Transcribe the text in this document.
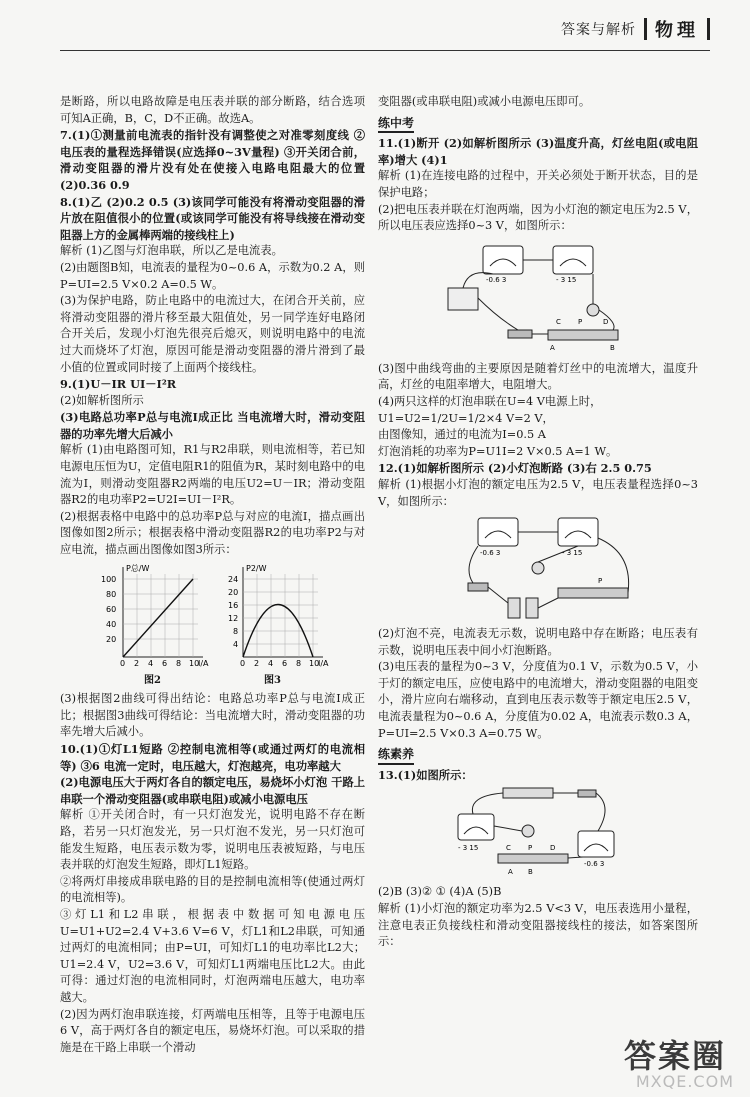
答案与解析 物理

是断路，所以电路故障是电压表并联的部分断路，结合选项可知A正确，B，C，D不正确。故选A。

7.(1)①测量前电流表的指针没有调整使之对准零刻度线 ②电压表的量程选择错误(应选择0~3V量程) ③开关闭合前，滑动变阻器的滑片没有处在使接入电路电阻最大的位置 (2)0.36 0.9

8.(1)乙 (2)0.2 0.5 (3)该同学可能没有将滑动变阻器的滑片放在阻值很小的位置(或该同学可能没有将导线接在滑动变阻器上方的金属棒两端的接线柱上)

解析 (1)乙图与灯泡串联，所以乙是电流表。

(2)由题图B知，电流表的量程为0~0.6 A，示数为0.2 A，则P=UI=2.5 V×0.2 A=0.5 W。

(3)为保护电路，防止电路中的电流过大，在闭合开关前，应将滑动变阻器的滑片移至最大阻值处，另一同学连好电路闭合开关后，发现小灯泡先很亮后熄灭，则说明电路中的电流过大而烧坏了灯泡，原因可能是滑动变阻器的滑片滑到了最小值的位置或同时接了上面两个接线柱。

9.(1)U－IR UI－I²R

(2)如解析图所示

(3)电路总功率P总与电流I成正比 当电流增大时，滑动变阻器的功率先增大后减小

解析 (1)由电路图可知，R1与R2串联，则电流相等，若已知电源电压恒为U，定值电阻R1的阻值为R，某时刻电路中的电流为I，则滑动变阻器R2两端的电压U2=U－IR；滑动变阻器R2的电功率P2=U2I=UI－I²R。

(2)根据表格中电路中的总功率P总与对应的电流I，描点画出图像如图2所示；根据表格中滑动变阻器R2的电功率P2与对应电流，描点画出图像如图3所示：

P总/W
100
80
60
40
20
0 2 4 6 8 10
I/A
P2/W
24
20
16
12
8
4
0 2 4 6 8 10
I/A
图2	图3

(3)根据图2曲线可得出结论：电路总功率P总与电流I成正比；根据图3曲线可得结论：当电流增大时，滑动变阻器的功率先增大后减小。

10.(1)①灯L1短路 ②控制电流相等(或通过两灯的电流相等) ③6 电流一定时，电压越大，灯泡越亮，电功率越大

(2)电源电压大于两灯各自的额定电压，易烧坏小灯泡 干路上串联一个滑动变阻器(或串联电阻)或减小电源电压

解析 ①开关闭合时，有一只灯泡发光，说明电路不存在断路，若另一只灯泡发光，另一只灯泡不发光，另一只灯泡可能发生短路，电压表示数为零，说明电压表被短路，与电压表并联的灯泡发生短路，即灯L1短路。

②将两灯串接成串联电路的目的是控制电流相等(使通过两灯的电流相等)。

③灯L1和L2串联，根据表中数据可知电源电压U=U1+U2=2.4 V+3.6 V=6 V，灯L1和L2串联，可知通过两灯的电流相同；由P=UI，可知灯L1的电功率比L2大；U1=2.4 V，U2=3.6 V，可知灯L1两端电压比L2大。由此可得：通过灯泡的电流相同时，灯泡两端电压越大，电功率越大。

(2)因为两灯泡串联连接，灯两端电压相等，且等于电源电压6 V，高于两灯各自的额定电压，易烧坏灯泡。可以采取的措施是在干路上串联一个滑动

变阻器(或串联电阻)或减小电源电压即可。

练中考

11.(1)断开 (2)如解析图所示 (3)温度升高，灯丝电阻(或电阻率)增大 (4)1

解析 (1)在连接电路的过程中，开关必须处于断开状态，目的是保护电路；

(2)把电压表并联在灯泡两端，因为小灯泡的额定电压为2.5 V，所以电压表应选择0~3 V，如图所示：

-0.6 3	- 3 15
C P	D
A	B

(3)图中曲线弯曲的主要原因是随着灯丝中的电流增大，温度升高，灯丝的电阻率增大，电阻增大。

(4)两只这样的灯泡串联在U=4 V电源上时，

U1=U2=1/2U=1/2×4 V=2 V，

由图像知，通过的电流为I=0.5 A

灯泡消耗的功率为P=U1I=2 V×0.5 A=1 W。

12.(1)如解析图所示 (2)小灯泡断路 (3)右 2.5 0.75

解析 (1)根据小灯泡的额定电压为2.5 V，电压表量程选择0~3 V，如图所示：

-0.6 3	- 3 15
P

(2)灯泡不亮，电流表无示数，说明电路中存在断路；电压表有示数，说明电压表中间小灯泡断路。

(3)电压表的量程为0~3 V，分度值为0.1 V，示数为0.5 V，小于灯的额定电压，应使电路中的电流增大，滑动变阻器的电阻变小，滑片应向右端移动，直到电压表示数等于额定电压2.5 V，电流表量程为0~0.6 A，分度值为0.02 A，电流表示数0.3 A，P=UI=2.5 V×0.3 A=0.75 W。

练素养

13.(1)如图所示：

- 3 15	C P	D
A B
-0.6 3

(2)B (3)② ① (4)A (5)B

解析 (1)小灯泡的额定功率为2.5 V<3 V，电压表选用小量程，注意电表正负接线柱和滑动变阻器接线柱的接法，如答案图所示：

答案圈
MXQE.COM
